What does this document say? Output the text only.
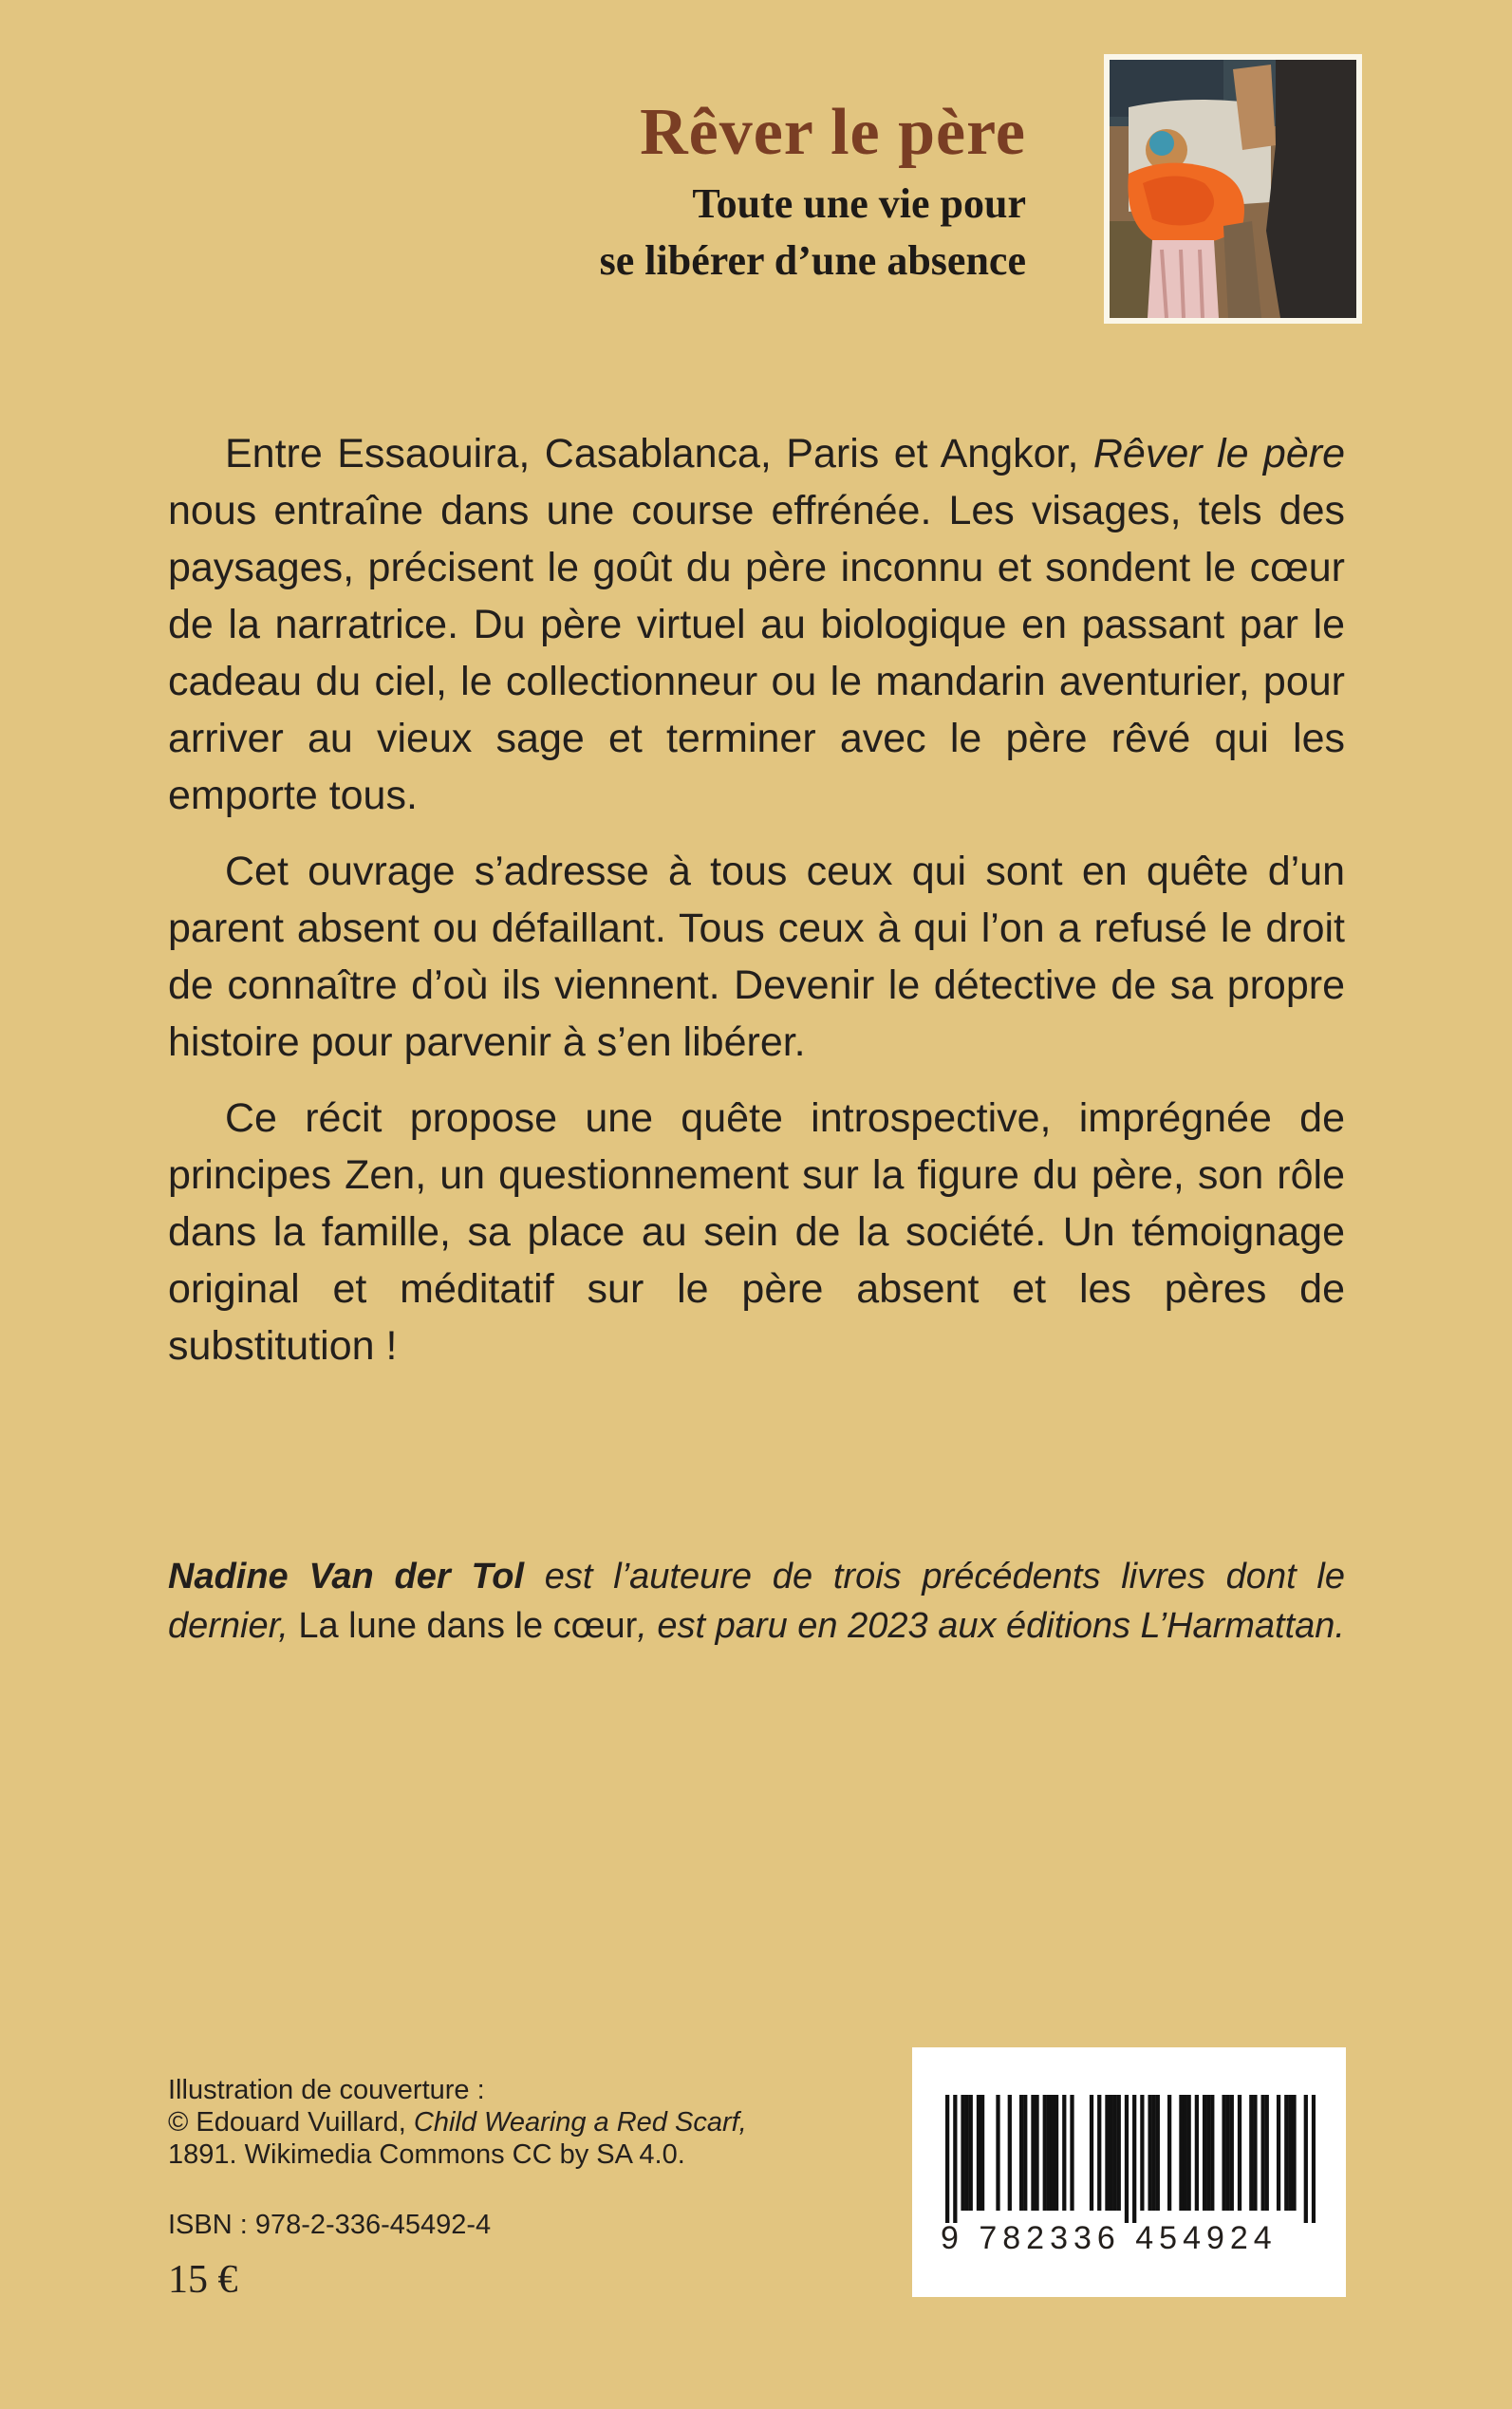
Rêver le père
Toute une vie pour
se libérer d’une absence

Entre Essaouira, Casablanca, Paris et Angkor, Rêver le père nous entraîne dans une course effrénée. Les visages, tels des paysages, précisent le goût du père inconnu et sondent le cœur de la narratrice. Du père virtuel au biologique en passant par le cadeau du ciel, le collectionneur ou le mandarin aventurier, pour arriver au vieux sage et terminer avec le père rêvé qui les emporte tous.

Cet ouvrage s’adresse à tous ceux qui sont en quête d’un parent absent ou défaillant. Tous ceux à qui l’on a refusé le droit de connaître d’où ils viennent. Devenir le détective de sa propre histoire pour parvenir à s’en libérer.

Ce récit propose une quête introspective, imprégnée de principes Zen, un questionnement sur la figure du père, son rôle dans la famille, sa place au sein de la société. Un témoignage original et méditatif sur le père absent et les pères de substitution !

Nadine Van der Tol est l’auteure de trois précédents livres dont le dernier, La lune dans le cœur, est paru en 2023 aux éditions L’Harmattan.

Illustration de couverture :
© Edouard Vuillard, Child Wearing a Red Scarf,
1891. Wikimedia Commons CC by SA 4.0.
ISBN : 978-2-336-45492-4
15 €
9 782336 454924
